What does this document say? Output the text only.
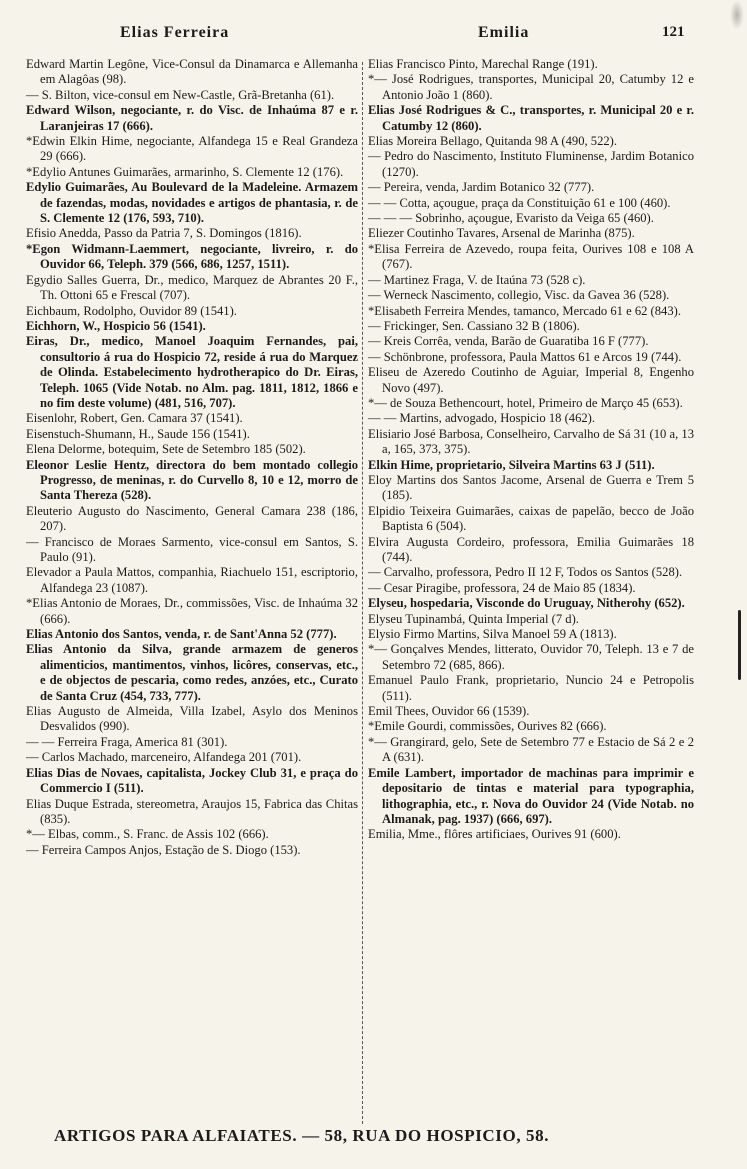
Elias Ferreira	Emilia	121

Edward Martin Legône, Vice-Consul da Dinamarca e Allemanha em Alagôas (98).

— S. Bilton, vice-consul em New-Castle, Grã-Bretanha (61).

Edward Wilson, negociante, r. do Visc. de Inhaúma 87 e r. Laranjeiras 17 (666).

*Edwin Elkin Hime, negociante, Alfandega 15 e Real Grandeza 29 (666).

*Edylio Antunes Guimarães, armarinho, S. Clemente 12 (176).

Edylio Guimarães, Au Boulevard de la Madeleine. Armazem de fazendas, modas, novidades e artigos de phantasia, r. de S. Clemente 12 (176, 593, 710).

Efisio Anedda, Passo da Patria 7, S. Domingos (1816).

*Egon Widmann-Laemmert, negociante, livreiro, r. do Ouvidor 66, Teleph. 379 (566, 686, 1257, 1511).

Egydio Salles Guerra, Dr., medico, Marquez de Abrantes 20 F., Th. Ottoni 65 e Frescal (707).

Eichbaum, Rodolpho, Ouvidor 89 (1541).

Eichhorn, W., Hospicio 56 (1541).

Eiras, Dr., medico, Manoel Joaquim Fernandes, pai, consultorio á rua do Hospicio 72, reside á rua do Marquez de Olinda. Estabelecimento hydrotherapico do Dr. Eiras, Teleph. 1065 (Vide Notab. no Alm. pag. 1811, 1812, 1866 e no fim deste volume) (481, 516, 707).

Eisenlohr, Robert, Gen. Camara 37 (1541).

Eisenstuch-Shumann, H., Saude 156 (1541).

Elena Delorme, botequim, Sete de Setembro 185 (502).

Eleonor Leslie Hentz, directora do bem montado collegio Progresso, de meninas, r. do Curvello 8, 10 e 12, morro de Santa Thereza (528).

Eleuterio Augusto do Nascimento, General Camara 238 (186, 207).

— Francisco de Moraes Sarmento, vice-consul em Santos, S. Paulo (91).

Elevador a Paula Mattos, companhia, Riachuelo 151, escriptorio, Alfandega 23 (1087).

*Elias Antonio de Moraes, Dr., commissões, Visc. de Inhaúma 32 (666).

Elias Antonio dos Santos, venda, r. de Sant'Anna 52 (777).

Elias Antonio da Silva, grande armazem de generos alimenticios, mantimentos, vinhos, licôres, conservas, etc., e de objectos de pescaria, como redes, anzóes, etc., Curato de Santa Cruz (454, 733, 777).

Elias Augusto de Almeida, Villa Izabel, Asylo dos Meninos Desvalidos (990).

— — Ferreira Fraga, America 81 (301).

— Carlos Machado, marceneiro, Alfandega 201 (701).

Elias Dias de Novaes, capitalista, Jockey Club 31, e praça do Commercio I (511).

Elias Duque Estrada, stereometra, Araujos 15, Fabrica das Chitas (835).

*— Elbas, comm., S. Franc. de Assis 102 (666).

— Ferreira Campos Anjos, Estação de S. Diogo (153).

Elias Francisco Pinto, Marechal Range (191).

*— José Rodrigues, transportes, Municipal 20, Catumby 12 e Antonio João 1 (860).

Elias José Rodrigues & C., transportes, r. Municipal 20 e r. Catumby 12 (860).

Elias Moreira Bellago, Quitanda 98 A (490, 522).

— Pedro do Nascimento, Instituto Fluminense, Jardim Botanico (1270).

— Pereira, venda, Jardim Botanico 32 (777).

— — Cotta, açougue, praça da Constituição 61 e 100 (460).

— — — Sobrinho, açougue, Evaristo da Veiga 65 (460).

Eliezer Coutinho Tavares, Arsenal de Marinha (875).

*Elisa Ferreira de Azevedo, roupa feita, Ourives 108 e 108 A (767).

— Martinez Fraga, V. de Itaúna 73 (528 c).

— Werneck Nascimento, collegio, Visc. da Gavea 36 (528).

*Elisabeth Ferreira Mendes, tamanco, Mercado 61 e 62 (843).

— Frickinger, Sen. Cassiano 32 B (1806).

— Kreis Corrêa, venda, Barão de Guaratiba 16 F (777).

— Schönbrone, professora, Paula Mattos 61 e Arcos 19 (744).

Eliseu de Azeredo Coutinho de Aguiar, Imperial 8, Engenho Novo (497).

*— de Souza Bethencourt, hotel, Primeiro de Março 45 (653).

— — Martins, advogado, Hospicio 18 (462).

Elisiario José Barbosa, Conselheiro, Carvalho de Sá 31 (10 a, 13 a, 165, 373, 375).

Elkin Hime, proprietario, Silveira Martins 63 J (511).

Eloy Martins dos Santos Jacome, Arsenal de Guerra e Trem 5 (185).

Elpidio Teixeira Guimarães, caixas de papelão, becco de João Baptista 6 (504).

Elvira Augusta Cordeiro, professora, Emilia Guimarães 18 (744).

— Carvalho, professora, Pedro II 12 F, Todos os Santos (528).

— Cesar Piragibe, professora, 24 de Maio 85 (1834).

Elyseu, hospedaria, Visconde do Uruguay, Nitherohy (652).

Elyseu Tupinambá, Quinta Imperial (7 d).

Elysio Firmo Martins, Silva Manoel 59 A (1813).

*— Gonçalves Mendes, litterato, Ouvidor 70, Teleph. 13 e 7 de Setembro 72 (685, 866).

Emanuel Paulo Frank, proprietario, Nuncio 24 e Petropolis (511).

Emil Thees, Ouvidor 66 (1539).

*Emile Gourdi, commissões, Ourives 82 (666).

*— Grangirard, gelo, Sete de Setembro 77 e Estacio de Sá 2 e 2 A (631).

Emile Lambert, importador de machinas para imprimir e depositario de tintas e material para typographia, lithographia, etc., r. Nova do Ouvidor 24 (Vide Notab. no Almanak, pag. 1937) (666, 697).

Emilia, Mme., flôres artificiaes, Ourives 91 (600).

ARTIGOS PARA ALFAIATES. — 58, RUA DO HOSPICIO, 58.
